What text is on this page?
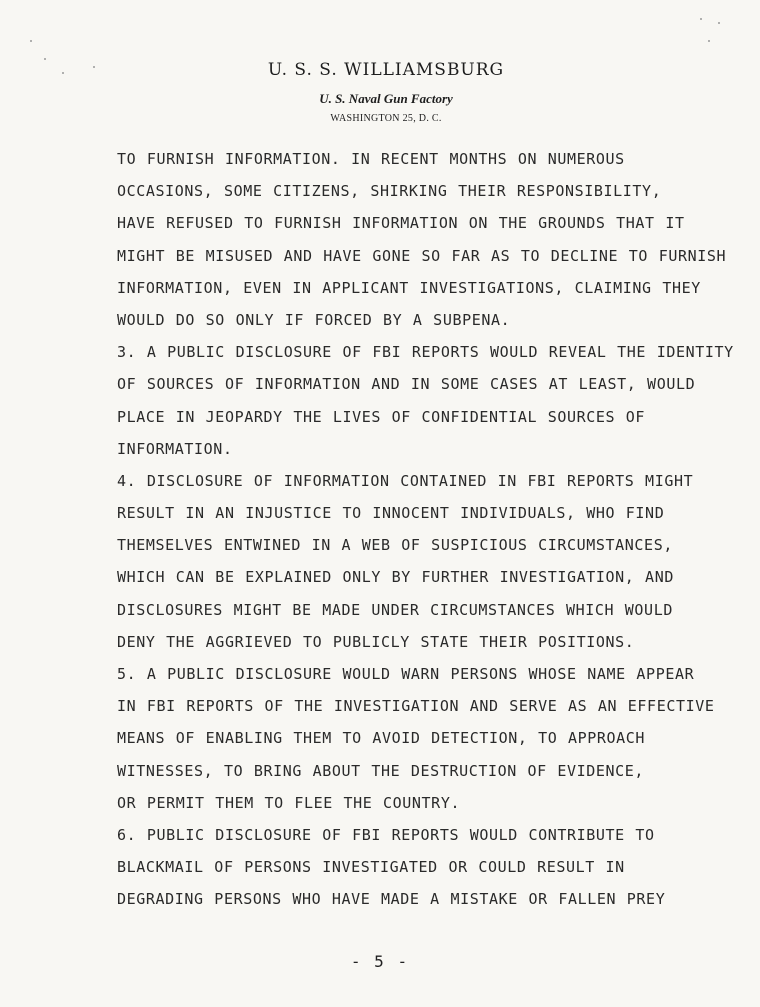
U. S. S. WILLIAMSBURG
U. S. Naval Gun Factory
WASHINGTON 25, D. C.
TO FURNISH INFORMATION. IN RECENT MONTHS ON NUMEROUS
OCCASIONS, SOME CITIZENS, SHIRKING THEIR RESPONSIBILITY,
HAVE REFUSED TO FURNISH INFORMATION ON THE GROUNDS THAT IT
MIGHT BE MISUSED AND HAVE GONE SO FAR AS TO DECLINE TO FURNISH
INFORMATION, EVEN IN APPLICANT INVESTIGATIONS, CLAIMING THEY
WOULD DO SO ONLY IF FORCED BY A SUBPENA.
3. A PUBLIC DISCLOSURE OF FBI REPORTS WOULD REVEAL THE IDENTITY
OF SOURCES OF INFORMATION AND IN SOME CASES AT LEAST, WOULD
PLACE IN JEOPARDY THE LIVES OF CONFIDENTIAL SOURCES OF
INFORMATION.
4. DISCLOSURE OF INFORMATION CONTAINED IN FBI REPORTS MIGHT
RESULT IN AN INJUSTICE TO INNOCENT INDIVIDUALS, WHO FIND
THEMSELVES ENTWINED IN A WEB OF SUSPICIOUS CIRCUMSTANCES,
WHICH CAN BE EXPLAINED ONLY BY FURTHER INVESTIGATION, AND
DISCLOSURES MIGHT BE MADE UNDER CIRCUMSTANCES WHICH WOULD
DENY THE AGGRIEVED TO PUBLICLY STATE THEIR POSITIONS.
5. A PUBLIC DISCLOSURE WOULD WARN PERSONS WHOSE NAME APPEAR
IN FBI REPORTS OF THE INVESTIGATION AND SERVE AS AN EFFECTIVE
MEANS OF ENABLING THEM TO AVOID DETECTION, TO APPROACH
WITNESSES, TO BRING ABOUT THE DESTRUCTION OF EVIDENCE,
OR PERMIT THEM TO FLEE THE COUNTRY.
6. PUBLIC DISCLOSURE OF FBI REPORTS WOULD CONTRIBUTE TO
BLACKMAIL OF PERSONS INVESTIGATED OR COULD RESULT IN
DEGRADING PERSONS WHO HAVE MADE A MISTAKE OR FALLEN PREY
- 5 -
